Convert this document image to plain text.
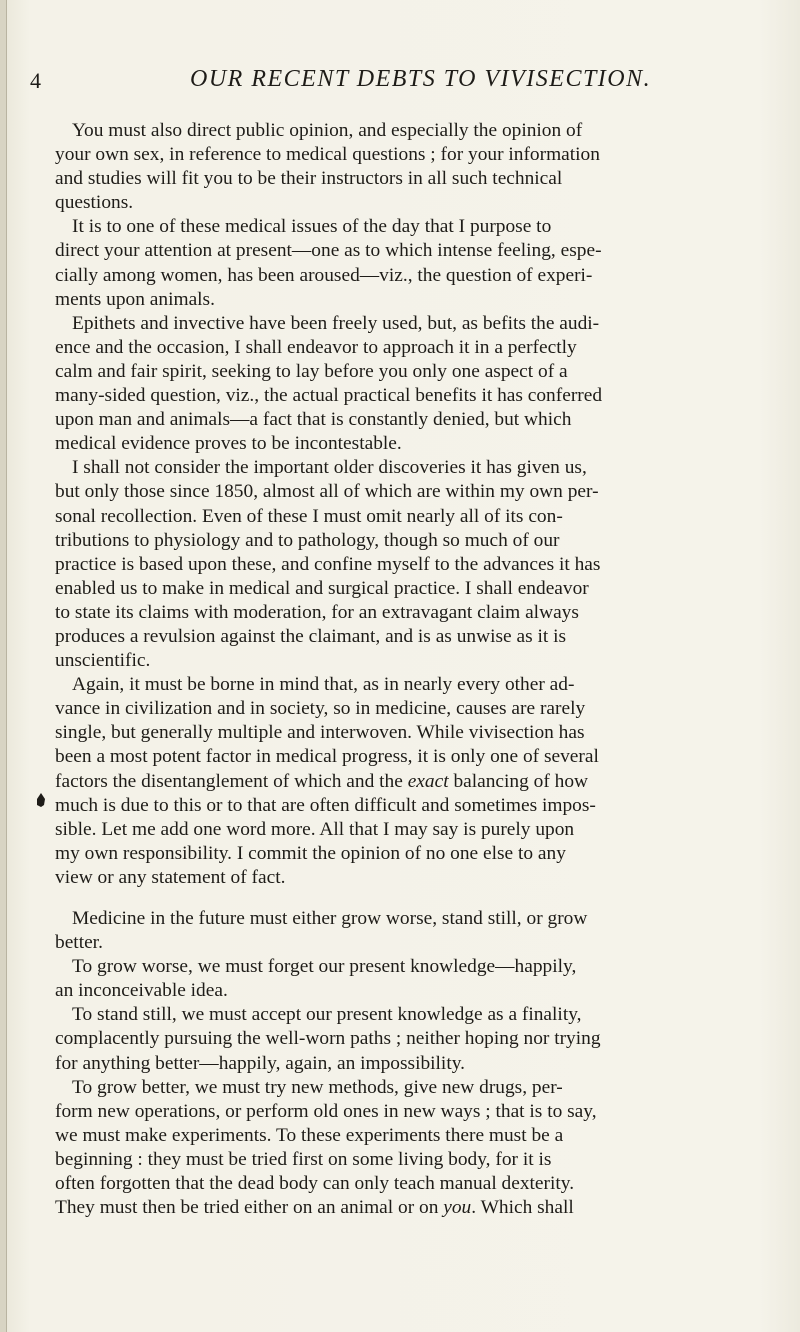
4	OUR RECENT DEBTS TO VIVISECTION.

You must also direct public opinion, and especially the opinion of
your own sex, in reference to medical questions ; for your information
and studies will fit you to be their instructors in all such technical
questions.

It is to one of these medical issues of the day that I purpose to
direct your attention at present—one as to which intense feeling, espe-
cially among women, has been aroused—viz., the question of experi-
ments upon animals.

Epithets and invective have been freely used, but, as befits the audi-
ence and the occasion, I shall endeavor to approach it in a perfectly
calm and fair spirit, seeking to lay before you only one aspect of a
many-sided question, viz., the actual practical benefits it has conferred
upon man and animals—a fact that is constantly denied, but which
medical evidence proves to be incontestable.

I shall not consider the important older discoveries it has given us,
but only those since 1850, almost all of which are within my own per-
sonal recollection. Even of these I must omit nearly all of its con-
tributions to physiology and to pathology, though so much of our
practice is based upon these, and confine myself to the advances it has
enabled us to make in medical and surgical practice. I shall endeavor
to state its claims with moderation, for an extravagant claim always
produces a revulsion against the claimant, and is as unwise as it is
unscientific.

Again, it must be borne in mind that, as in nearly every other ad-
vance in civilization and in society, so in medicine, causes are rarely
single, but generally multiple and interwoven. While vivisection has
been a most potent factor in medical progress, it is only one of several
factors the disentanglement of which and the exact balancing of how
much is due to this or to that are often difficult and sometimes impos-
sible. Let me add one word more. All that I may say is purely upon
my own responsibility. I commit the opinion of no one else to any
view or any statement of fact.

Medicine in the future must either grow worse, stand still, or grow
better.

To grow worse, we must forget our present knowledge—happily,
an inconceivable idea.

To stand still, we must accept our present knowledge as a finality,
complacently pursuing the well-worn paths ; neither hoping nor trying
for anything better—happily, again, an impossibility.

To grow better, we must try new methods, give new drugs, per-
form new operations, or perform old ones in new ways ; that is to say,
we must make experiments. To these experiments there must be a
beginning : they must be tried first on some living body, for it is
often forgotten that the dead body can only teach manual dexterity.
They must then be tried either on an animal or on you. Which shall
